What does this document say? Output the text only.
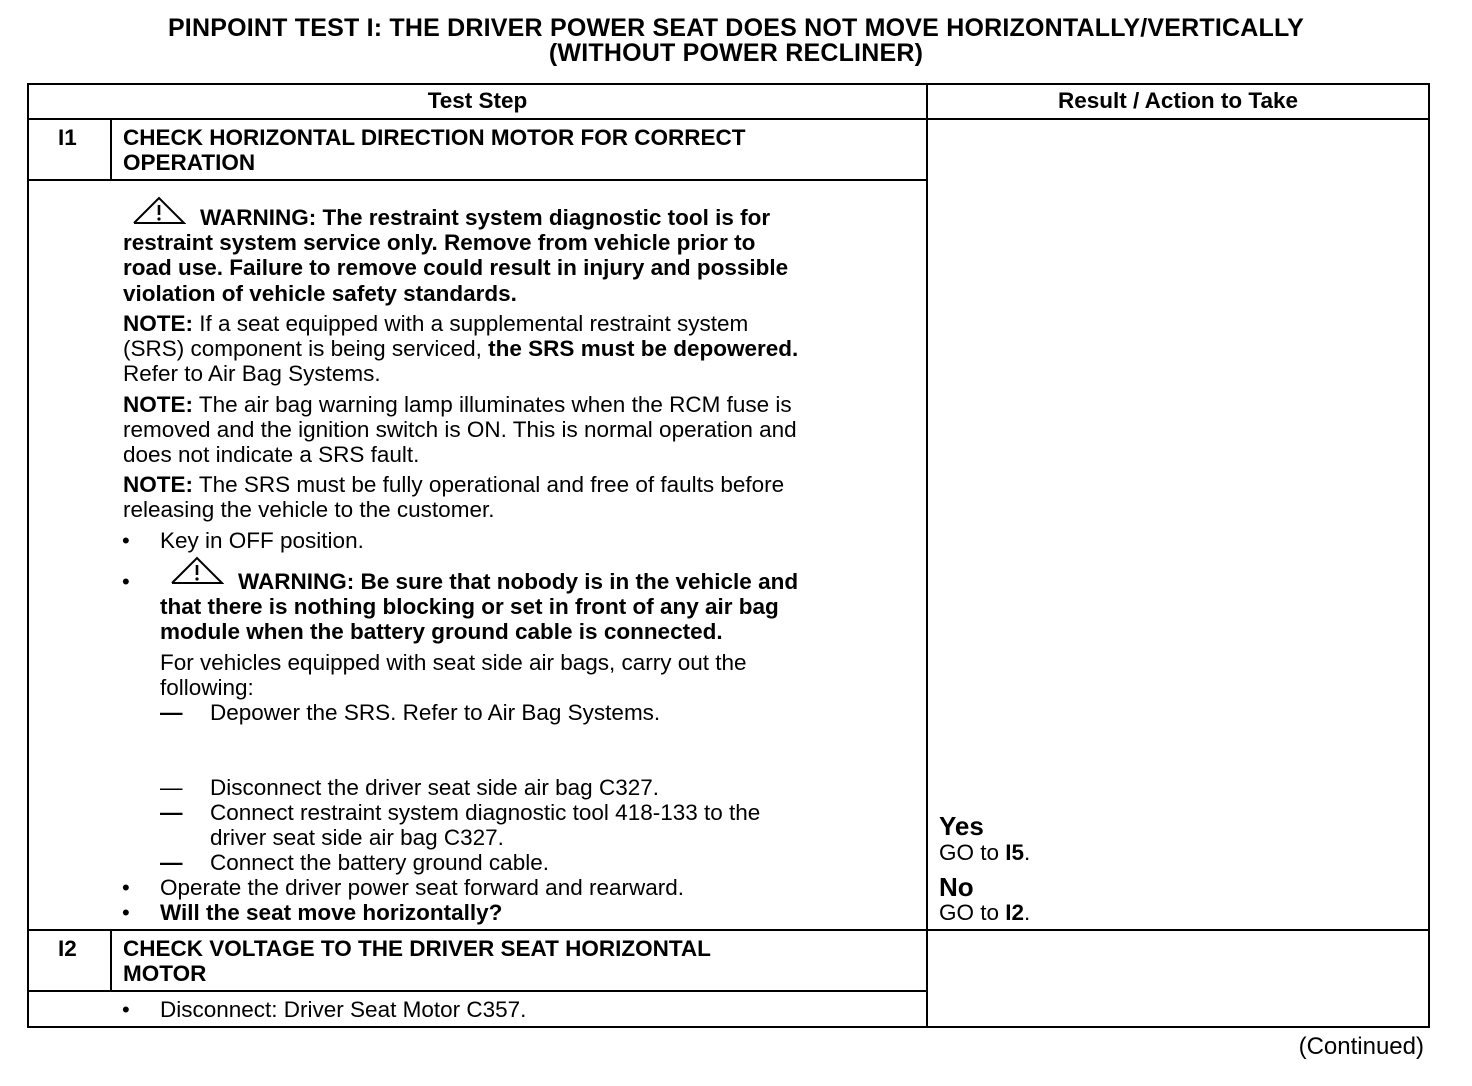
PINPOINT TEST I: THE DRIVER POWER SEAT DOES NOT MOVE HORIZONTALLY/VERTICALLY
(WITHOUT POWER RECLINER)
Test Step	Result / Action to Take
I1 CHECK HORIZONTAL DIRECTION MOTOR FOR CORRECT
OPERATION
WARNING: The restraint system diagnostic tool is for
restraint system service only. Remove from vehicle prior to
road use. Failure to remove could result in injury and possible
violation of vehicle safety standards.
NOTE: If a seat equipped with a supplemental restraint system
(SRS) component is being serviced, the SRS must be depowered.
Refer to Air Bag Systems.
NOTE: The air bag warning lamp illuminates when the RCM fuse is
removed and the ignition switch is ON. This is normal operation and
does not indicate a SRS fault.
NOTE: The SRS must be fully operational and free of faults before
releasing the vehicle to the customer.
• Key in OFF position.
•	WARNING: Be sure that nobody is in the vehicle and
that there is nothing blocking or set in front of any air bag
module when the battery ground cable is connected.
For vehicles equipped with seat side air bags, carry out the
following:
— Depower the SRS. Refer to Air Bag Systems.
— Disconnect the driver seat side air bag C327.
— Connect restraint system diagnostic tool 418-133 to the
driver seat side air bag C327.
— Connect the battery ground cable.
• Operate the driver power seat forward and rearward.
• Will the seat move horizontally?
Yes
GO to I5.
No
GO to I2.
I2 CHECK VOLTAGE TO THE DRIVER SEAT HORIZONTAL
MOTOR
• Disconnect: Driver Seat Motor C357.
(Continued)
